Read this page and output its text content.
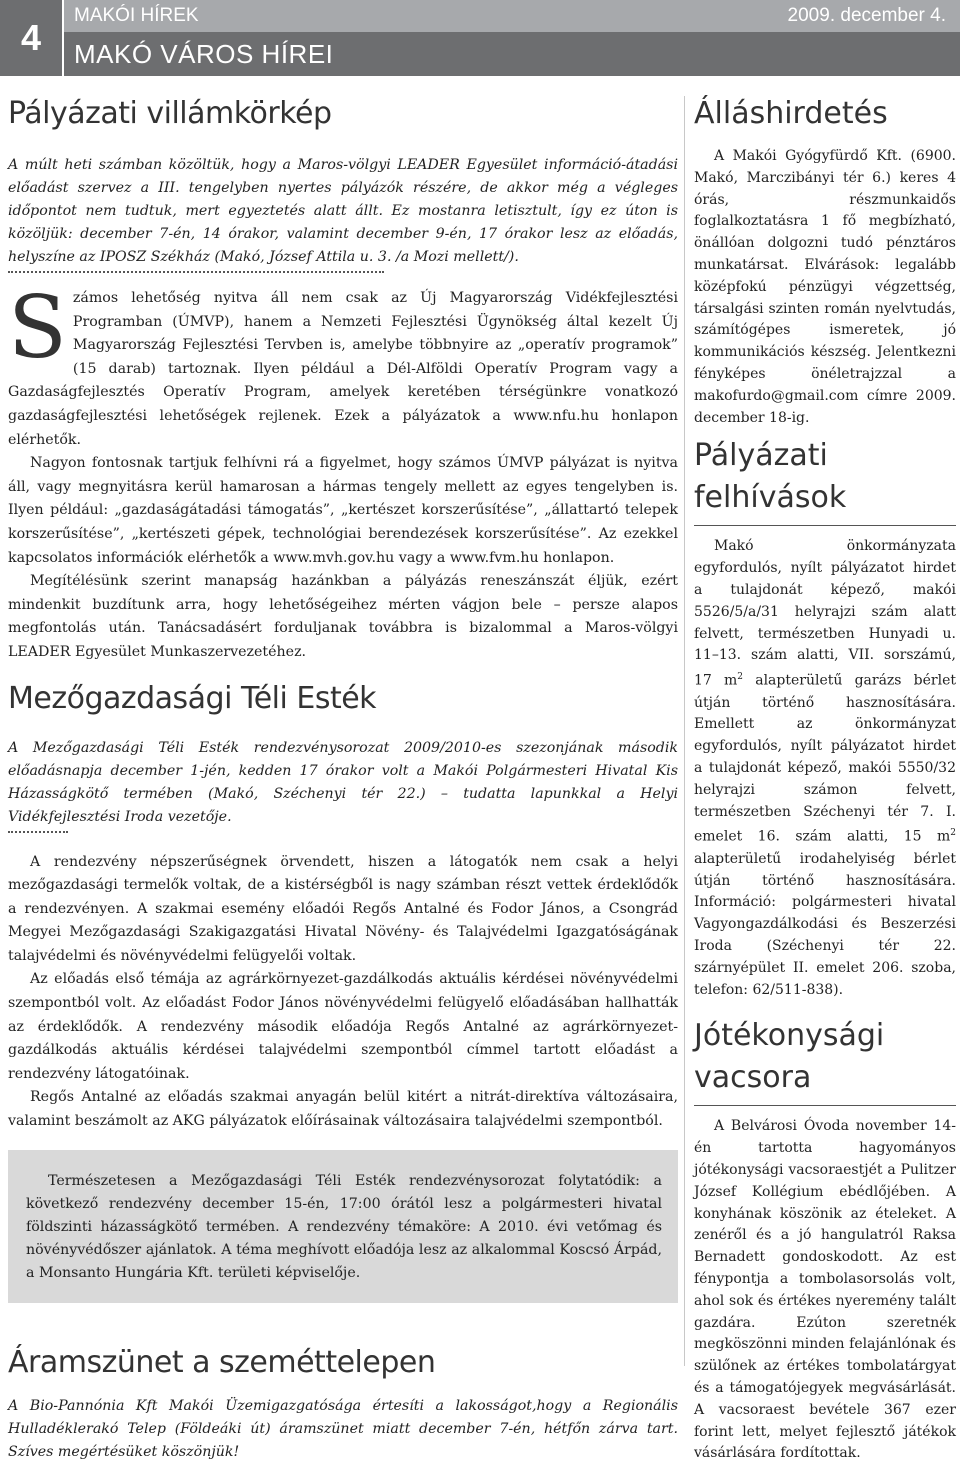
4
MAKÓI HÍREK	2009. december 4.
MAKÓ VÁROS HÍREI
Pályázati villámkörkép

A múlt heti számban közöltük, hogy a Maros-völgyi LEADER Egyesület információ-átadási előadást szervez a III. tengelyben nyertes pályázók részére, de akkor még a végleges időpontot nem tudtuk, mert egyeztetés alatt állt. Ez mostanra letisztult, így ez úton is közöljük: december 7-én, 14 órakor, valamint december 9-én, 17 órakor lesz az előadás, helyszíne az IPOSZ Székház (Makó, József Attila u. 3. /a Mozi mellett/).

Számos lehetőség nyitva áll nem csak az Új Magyarország Vidékfejlesztési Programban (ÚMVP), hanem a Nemzeti Fejlesztési Ügynökség által kezelt Új Magyarország Fejlesztési Tervben is, amelybe többnyire az „operatív programok” (15 darab) tartoznak. Ilyen például a Dél-Alföldi Operatív Program vagy a Gazdaságfejlesztés Operatív Program, amelyek keretében térségünkre vonatkozó gazdaságfejlesztési lehetőségek rejlenek. Ezek a pályázatok a www.nfu.hu honlapon elérhetők.

Nagyon fontosnak tartjuk felhívni rá a figyelmet, hogy számos ÚMVP pályázat is nyitva áll, vagy megnyitásra kerül hamarosan a hármas tengely mellett az egyes tengelyben is. Ilyen például: „gazdaságátadási támogatás”, „kertészet korszerűsítése”, „állattartó telepek korszerűsítése”, „kertészeti gépek, technológiai berendezések korszerűsítése”. Az ezekkel kapcsolatos információk elérhetők a www.mvh.gov.hu vagy a www.fvm.hu honlapon.

Megítélésünk szerint manapság hazánkban a pályázás reneszánszát éljük, ezért mindenkit buzdítunk arra, hogy lehetőségeihez mérten vágjon bele – persze alapos megfontolás után. Tanácsadásért forduljanak továbbra is bizalommal a Maros-völgyi LEADER Egyesület Munkaszervezetéhez.

Mezőgazdasági Téli Esték

A Mezőgazdasági Téli Esték rendezvénysorozat 2009/2010-es szezonjának második előadásnapja december 1-jén, kedden 17 órakor volt a Makói Polgármesteri Hivatal Kis Házasságkötő termében (Makó, Széchenyi tér 22.) – tudatta lapunkkal a Helyi Vidékfejlesztési Iroda vezetője.

A rendezvény népszerűségnek örvendett, hiszen a látogatók nem csak a helyi mezőgazdasági termelők voltak, de a kistérségből is nagy számban részt vettek érdeklődők a rendezvényen. A szakmai esemény előadói Regős Antalné és Fodor János, a Csongrád Megyei Mezőgazdasági Szakigazgatási Hivatal Növény- és Talajvédelmi Igazgatóságának talajvédelmi és növényvédelmi felügyelői voltak.

Az előadás első témája az agrárkörnyezet-gazdálkodás aktuális kérdései növényvédelmi szempontból volt. Az előadást Fodor János növényvédelmi felügyelő előadásában hallhatták az érdeklődők. A rendezvény második előadója Regős Antalné az agrárkörnyezet-gazdálkodás aktuális kérdései talajvédelmi szempontból címmel tartott előadást a rendezvény látogatóinak.

Regős Antalné az előadás szakmai anyagán belül kitért a nitrát-direktíva változásaira, valamint beszámolt az AKG pályázatok előírásainak változásaira talajvédelmi szempontból.

Természetesen a Mezőgazdasági Téli Esték rendezvénysorozat folytatódik: a következő rendezvény december 15-én, 17:00 órától lesz a polgármesteri hivatal földszinti házasságkötő termében. A rendezvény témaköre: A 2010. évi vetőmag és növényvédőszer ajánlatok. A téma meghívott előadója lesz az alkalommal Koscsó Árpád, a Monsanto Hungária Kft. területi képviselője.

Áramszünet a szeméttelepen

A Bio-Pannónia Kft Makói Üzemigazgatósága értesíti a lakosságot,hogy a Regionális Hulladéklerakó Telep (Földeáki út) áramszünet miatt december 7-én, hétfőn zárva tart. Szíves megértésüket köszönjük!

Álláshirdetés

A Makói Gyógyfürdő Kft. (6900. Makó, Marczibányi tér 6.) keres 4 órás, részmunkaidős foglalkoztatásra 1 fő megbízható, önállóan dolgozni tudó pénztáros munkatársat. Elvárások: legalább középfokú pénzügyi végzettség, társalgási szinten román nyelvtudás, számítógépes ismeretek, jó kommunikációs készség. Jelentkezni fényképes önéletrajzzal a makofurdo@gmail.com címre 2009. december 18-ig.

Pályázati felhívások

Makó önkormányzata egyfordulós, nyílt pályázatot hirdet a tulajdonát képező, makói 5526/5/a/31 helyrajzi szám alatt felvett, természetben Hunyadi u. 11–13. szám alatti, VII. sorszámú, 17 $m^2$ alapterületű garázs bérlet útján történő hasznosítására. Emellett az önkormányzat egyfordulós, nyílt pályázatot hirdet a tulajdonát képező, makói 5550/32 helyrajzi számon felvett, természetben Széchenyi tér 7. I. emelet 16. szám alatti, 15 $m^2$ alapterületű irodahelyiség bérlet útján történő hasznosítására. Információ: polgármesteri hivatal Vagyongazdálkodási és Beszerzési Iroda (Széchenyi tér 22. szárnyépület II. emelet 206. szoba, telefon: 62/511-838).

Jótékonysági vacsora

A Belvárosi Óvoda november 14-én tartotta hagyományos jótékonysági vacsoraestjét a Pulitzer József Kollégium ebédlőjében. A konyhának köszönik az ételeket. A zenéről és a jó hangulatról Raksa Bernadett gondoskodott. Az est fénypontja a tombolasorsolás volt, ahol sok és értékes nyeremény talált gazdára. Ezúton szeretnék megköszönni minden felajánlónak és szülőnek az értékes tombolatárgyat és a támogatójegyek megvásárlását. A vacsoraest bevétele 367 ezer forint lett, melyet fejlesztő játékok vásárlására fordítottak.
